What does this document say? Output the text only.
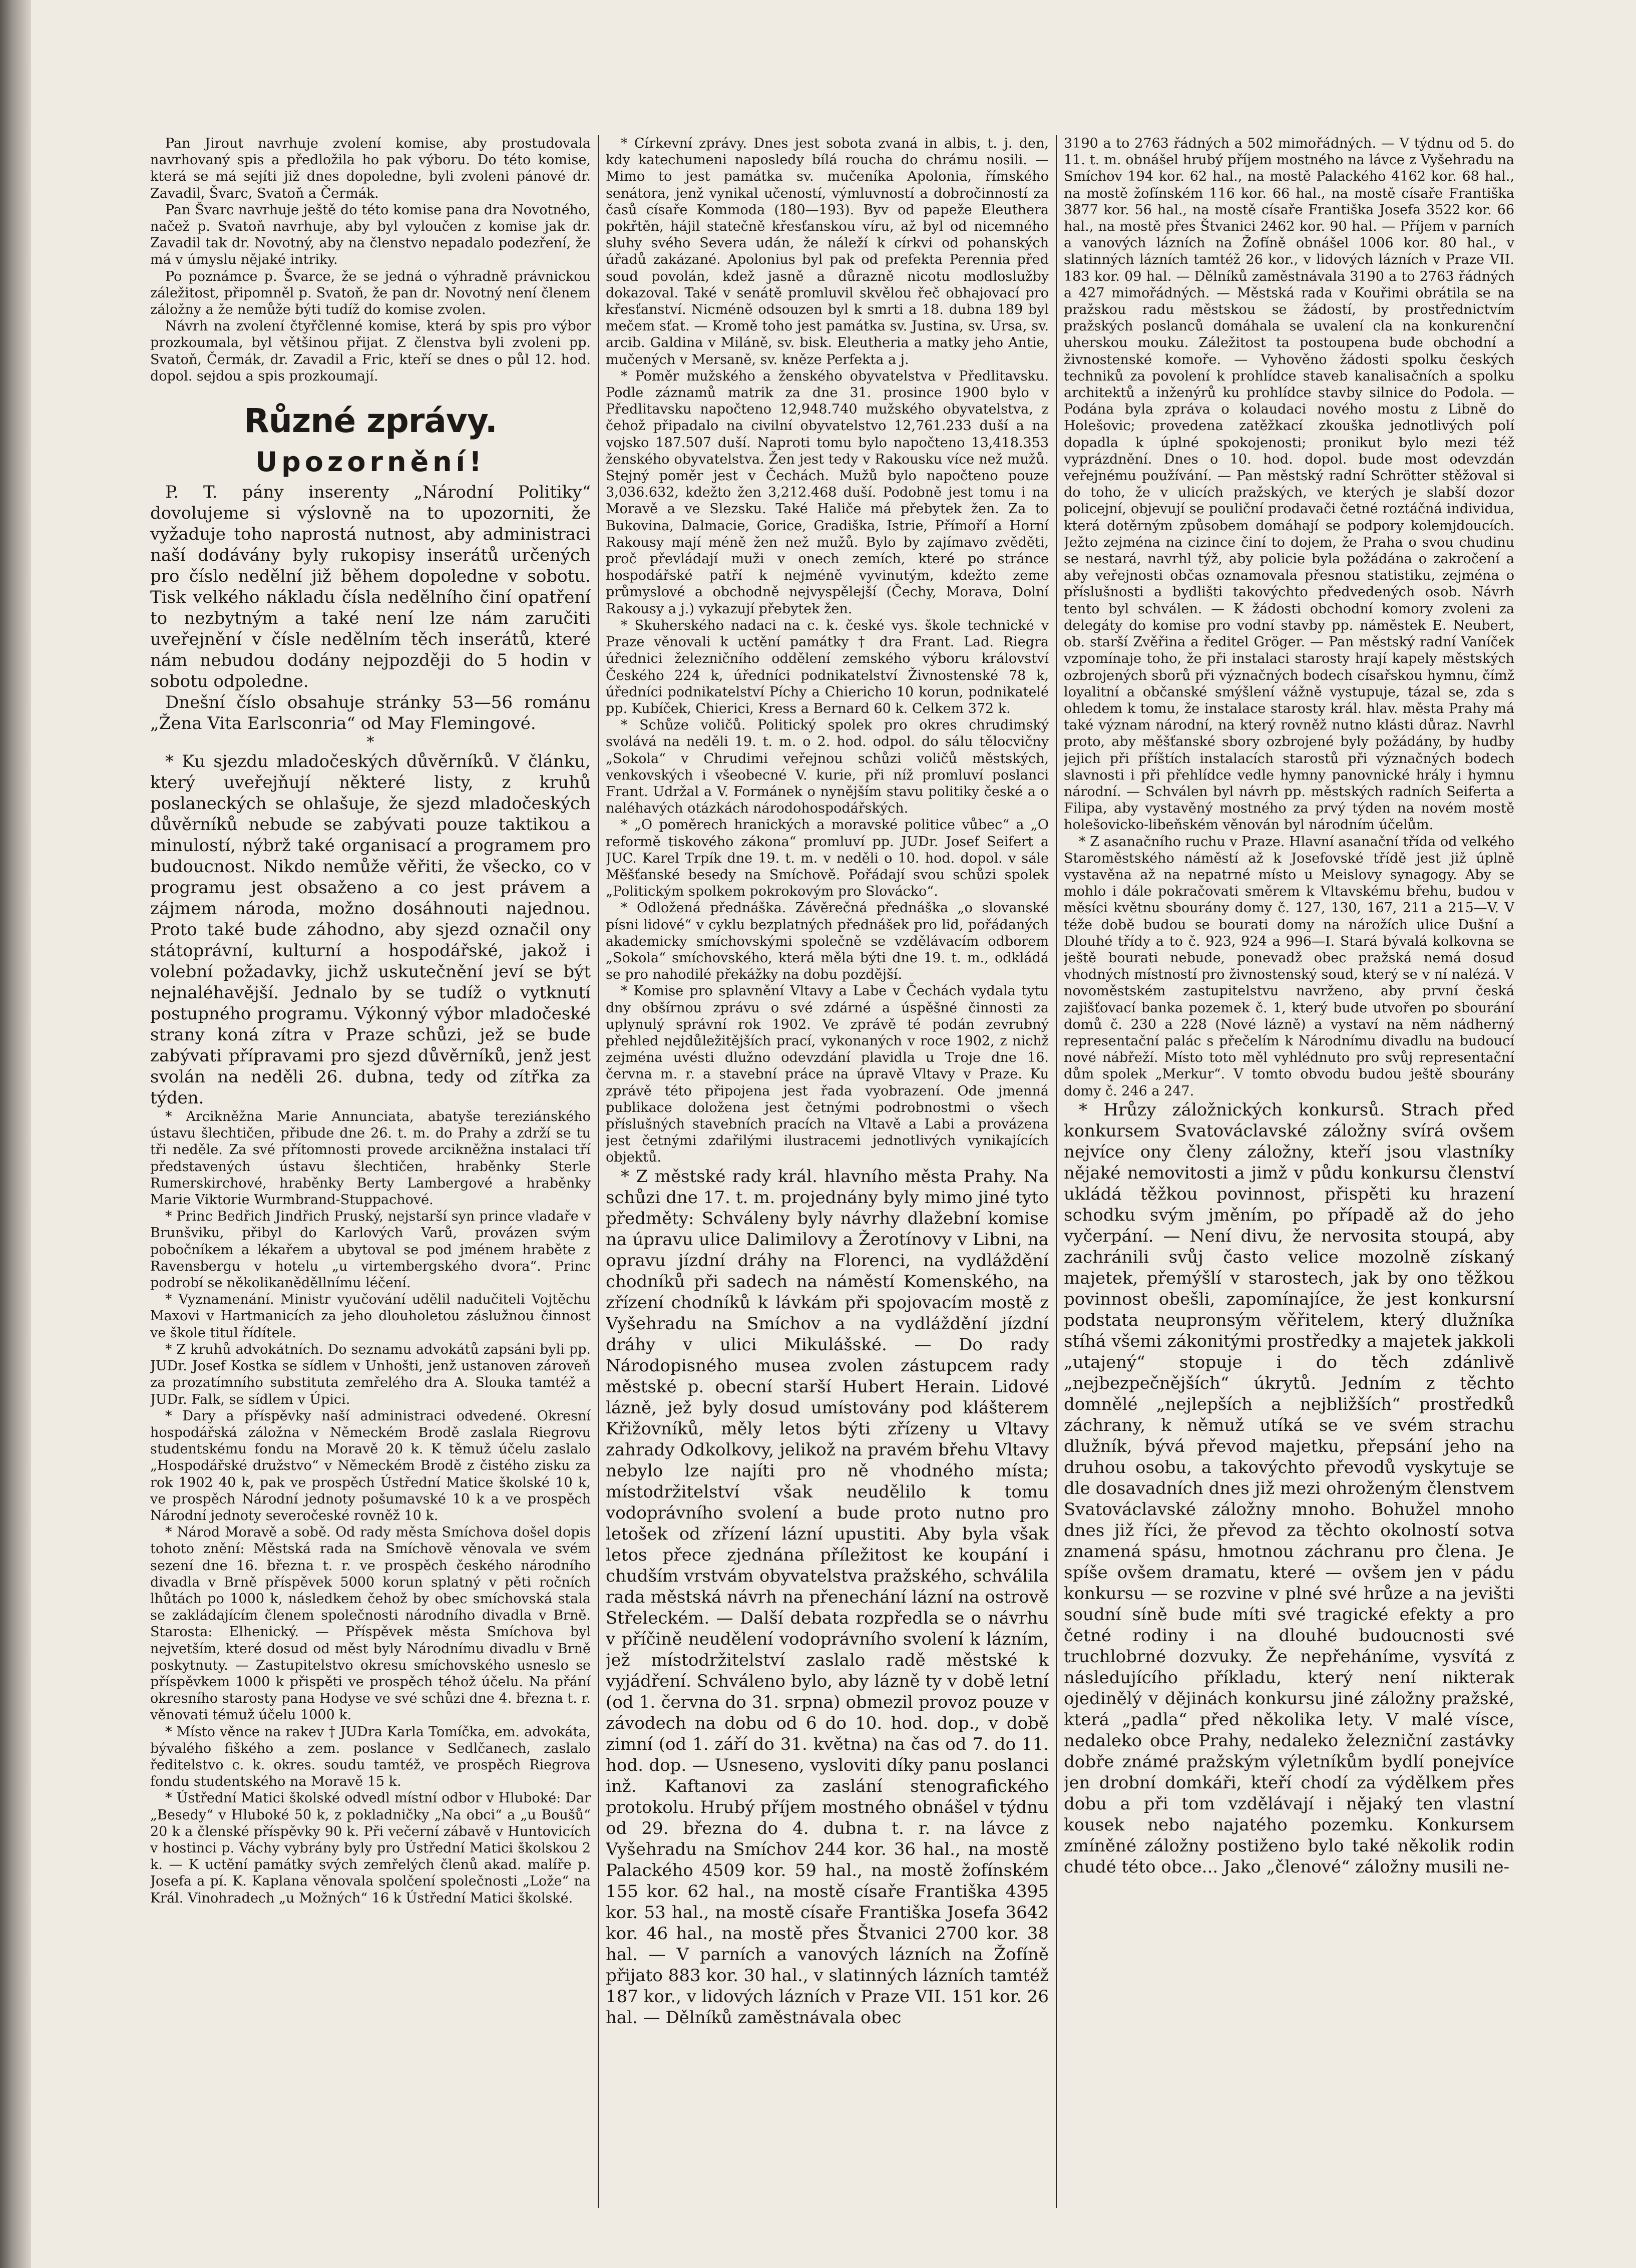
Pan Jirout navrhuje zvolení komise, aby prostudovala navrhovaný spis a předložila ho pak výboru. Do této komise, která se má sejíti již dnes dopoledne, byli zvoleni pánové dr. Zavadil, Švarc, Svatoň a Čermák.

Pan Švarc navrhuje ještě do této komise pana dra Novotného, načež p. Svatoň navrhuje, aby byl vyloučen z komise jak dr. Zavadil tak dr. Novotný, aby na členstvo nepadalo podezření, že má v úmyslu nějaké intriky.

Po poznámce p. Švarce, že se jedná o výhradně právnickou záležitost, připomněl p. Svatoň, že pan dr. Novotný není členem záložny a že nemůže býti tudíž do komise zvolen.

Návrh na zvolení čtyřčlenné komise, která by spis pro výbor prozkoumala, byl většinou přijat. Z členstva byli zvoleni pp. Svatoň, Čermák, dr. Zavadil a Fric, kteří se dnes o půl 12. hod. dopol. sejdou a spis prozkoumají.

Různé zprávy.
Upozornění!

P. T. pány inserenty „Národní Politiky“ dovolujeme si výslovně na to upozorniti, že vyžaduje toho naprostá nutnost, aby administraci naší dodávány byly rukopisy inserátů určených pro číslo nedělní již během dopoledne v sobotu. Tisk velkého nákladu čísla nedělního činí opatření to nezbytným a také není lze nám zaručiti uveřejnění v čísle nedělním těch inserátů, které nám nebudou dodány nejpozději do 5 hodin v sobotu odpoledne.

Dnešní číslo obsahuje stránky 53—56 románu „Žena Vita Earlsconria“ od May Flemingové.

*

* Ku sjezdu mladočeských důvěrníků. V článku, který uveřejňují některé listy, z kruhů poslaneckých se ohlašuje, že sjezd mladočeských důvěrníků nebude se zabývati pouze taktikou a minulostí, nýbrž také organisací a programem pro budoucnost. Nikdo nemůže věřiti, že všecko, co v programu jest obsaženo a co jest právem a zájmem národa, možno dosáhnouti najednou. Proto také bude záhodno, aby sjezd označil ony státoprávní, kulturní a hospodářské, jakož i volební požadavky, jichž uskutečnění jeví se být nejnaléhavější. Jednalo by se tudíž o vytknutí postupného programu. Výkonný výbor mladočeské strany koná zítra v Praze schůzi, jež se bude zabývati přípravami pro sjezd důvěrníků, jenž jest svolán na neděli 26. dubna, tedy od zítřka za týden.

* Arcikněžna Marie Annunciata, abatyše tereziánského ústavu šlechtičen, přibude dne 26. t. m. do Prahy a zdrží se tu tři neděle. Za své přítomnosti provede arcikněžna instalaci tří představených ústavu šlechtičen, hraběnky Sterle Rumerskirchové, hraběnky Berty Lambergové a hraběnky Marie Viktorie Wurmbrand-Stuppachové.

* Princ Bedřich Jindřich Pruský, nejstarší syn prince vladaře v Brunšviku, přibyl do Karlových Varů, provázen svým pobočníkem a lékařem a ubytoval se pod jménem hraběte z Ravensbergu v hotelu „u virtembergského dvora“. Princ podrobí se několikaněděllnímu léčení.

* Vyznamenání. Ministr vyučování udělil nadučiteli Vojtěchu Maxovi v Hartmanicích za jeho dlouholetou záslužnou činnost ve škole titul řídítele.

* Z kruhů advokátních. Do seznamu advokátů zapsáni byli pp. JUDr. Josef Kostka se sídlem v Unhošti, jenž ustanoven zároveň za prozatímního substituta zemřelého dra A. Slouka tamtéž a JUDr. Falk, se sídlem v Úpici.

* Dary a příspěvky naší administraci odvedené. Okresní hospodářská záložna v Německém Brodě zaslala Riegrovu studentskému fondu na Moravě 20 k. K těmuž účelu zaslalo „Hospodářské družstvo“ v Německém Brodě z čistého zisku za rok 1902 40 k, pak ve prospěch Ústřední Matice školské 10 k, ve prospěch Národní jednoty pošumavské 10 k a ve prospěch Národní jednoty severočeské rovněž 10 k.

* Národ Moravě a sobě. Od rady města Smíchova došel dopis tohoto znění: Městská rada na Smíchově věnovala ve svém sezení dne 16. března t. r. ve prospěch českého národního divadla v Brně příspěvek 5000 korun splatný v pěti ročních lhůtách po 1000 k, následkem čehož by obec smíchovská stala se zakládajícím členem společnosti národního divadla v Brně. Starosta: Elhenický. — Příspěvek města Smíchova byl nejvetším, které dosud od měst byly Národnímu divadlu v Brně poskytnuty. — Zastupitelstvo okresu smíchovského usneslo se příspěvkem 1000 k přispěti ve prospěch téhož účelu. Na přání okresního starosty pana Hodyse ve své schůzi dne 4. března t. r. věnovati témuž účelu 1000 k.

* Místo věnce na rakev † JUDra Karla Tomíčka, em. advokáta, bývalého fiškého a zem. poslance v Sedlčanech, zaslalo ředitelstvo c. k. okres. soudu tamtéž, ve prospěch Riegrova fondu studentského na Moravě 15 k.

* Ústřední Matici školské odvedl místní odbor v Hluboké: Dar „Besedy“ v Hluboké 50 k, z pokladničky „Na obci“ a „u Boušů“ 20 k a členské příspěvky 90 k. Při večerní zábavě v Huntovicích v hostinci p. Váchy vybrány byly pro Ústřední Matici školskou 2 k. — K uctění památky svých zemřelých členů akad. malíře p. Josefa a pí. K. Kaplana věnovala spolčení společnosti „Lože“ na Král. Vinohradech „u Možných“ 16 k Ústřední Matici školské.

* Církevní zprávy. Dnes jest sobota zvaná in albis, t. j. den, kdy katechumeni naposledy bílá roucha do chrámu nosili. — Mimo to jest památka sv. mučeníka Apolonia, římského senátora, jenž vynikal učeností, výmluvností a dobročinností za časů císaře Kommoda (180—193). Byv od papeže Eleuthera pokřtěn, hájil statečně křesťanskou víru, až byl od nicemného sluhy svého Severa udán, že náleží k církvi od pohanských úřadů zakázané. Apolonius byl pak od prefekta Perennia před soud povolán, kdež jasně a důrazně nicotu modloslužby dokazoval. Také v senátě promluvil skvělou řeč obhajovací pro křesťanství. Nicméně odsouzen byl k smrti a 18. dubna 189 byl mečem sťat. — Kromě toho jest památka sv. Justina, sv. Ursa, sv. arcib. Galdina v Miláně, sv. bisk. Eleutheria a matky jeho Antie, mučených v Mersaně, sv. kněze Perfekta a j.

* Poměr mužského a ženského obyvatelstva v Předlitavsku. Podle záznamů matrik za dne 31. prosince 1900 bylo v Předlitavsku napočteno 12,948.740 mužského obyvatelstva, z čehož připadalo na civilní obyvatelstvo 12,761.233 duší a na vojsko 187.507 duší. Naproti tomu bylo napočteno 13,418.353 ženského obyvatelstva. Žen jest tedy v Rakousku více než mužů. Stejný poměr jest v Čechách. Mužů bylo napočteno pouze 3,036.632, kdežto žen 3,212.468 duší. Podobně jest tomu i na Moravě a ve Slezsku. Také Haliče má přebytek žen. Za to Bukovina, Dalmacie, Gorice, Gradiška, Istrie, Přímoří a Horní Rakousy mají méně žen než mužů. Bylo by zajímavo zvěděti, proč převládají muži v onech zemích, které po stránce hospodářské patří k nejméně vyvinutým, kdežto zeme průmyslové a obchodně nejvyspělejší (Čechy, Morava, Dolní Rakousy a j.) vykazují přebytek žen.

* Skuherského nadaci na c. k. české vys. škole technické v Praze věnovali k uctění památky † dra Frant. Lad. Riegra úřednici železničního oddělení zemského výboru království Českého 224 k, úředníci podnikatelství Živnostenské 78 k, úředníci podnikatelství Píchy a Chiericho 10 korun, podnikatelé pp. Kubíček, Chierici, Kress a Bernard 60 k. Celkem 372 k.

* Schůze voličů. Politický spolek pro okres chrudimský svolává na neděli 19. t. m. o 2. hod. odpol. do sálu tělocvičny „Sokola“ v Chrudimi veřejnou schůzi voličů městských, venkovských i všeobecné V. kurie, při níž promluví poslanci Frant. Udržal a V. Formánek o nynějším stavu politiky české a o naléhavých otázkách národohospodářských.

* „O poměrech hranických a moravské politice vůbec“ a „O reformě tiskového zákona“ promluví pp. JUDr. Josef Seifert a JUC. Karel Trpík dne 19. t. m. v neděli o 10. hod. dopol. v sále Měšťanské besedy na Smíchově. Pořádají svou schůzi spolek „Politickým spolkem pokrokovým pro Slovácko“.

* Odložená přednáška. Závěrečná přednáška „o slovanské písni lidové“ v cyklu bezplatných přednášek pro lid, pořádaných akademicky smíchovskými společně se vzdělávacím odborem „Sokola“ smíchovského, která měla býti dne 19. t. m., odkládá se pro nahodilé překážky na dobu pozdější.

* Komise pro splavnění Vltavy a Labe v Čechách vydala tytu dny obšírnou zprávu o své zdárné a úspěšné činnosti za uplynulý správní rok 1902. Ve zprávě té podán zevrubný přehled nejdůležitějších prací, vykonaných v roce 1902, z nichž zejména uvésti dlužno odevzdání plavidla u Troje dne 16. června m. r. a stavební práce na úpravě Vltavy v Praze. Ku zprávě této připojena jest řada vyobrazení. Ode jmenná publikace doložena jest četnými podrobnostmi o všech příslušných stavebních pracích na Vltavě a Labi a provázena jest četnými zdařilými ilustracemi jednotlivých vynikajících objektů.

* Z městské rady král. hlavního města Prahy. Na schůzi dne 17. t. m. projednány byly mimo jiné tyto předměty: Schváleny byly návrhy dlažební komise na úpravu ulice Dalimilovy a Žerotínovy v Libni, na opravu jízdní dráhy na Florenci, na vydláždění chodníků při sadech na náměstí Komenského, na zřízení chodníků k lávkám při spojovacím mostě z Vyšehradu na Smíchov a na vydláždění jízdní dráhy v ulici Mikulášské. — Do rady Národopisného musea zvolen zástupcem rady městské p. obecní starší Hubert Herain. Lidové lázně, jež byly dosud umístovány pod klášterem Křižovníků, měly letos býti zřízeny u Vltavy zahrady Odkolkovy, jelikož na pravém břehu Vltavy nebylo lze najíti pro ně vhodného místa; místodržitelství však neudělilo k tomu vodoprávního svolení a bude proto nutno pro letošek od zřízení lázní upustiti. Aby byla však letos přece zjednána příležitost ke koupání i chudším vrstvám obyvatelstva pražského, schválila rada městská návrh na přenechání lázní na ostrově Střeleckém. — Další debata rozpředla se o návrhu v příčině neudělení vodoprávního svolení k lázním, jež místodržitelství zaslalo radě městské k vyjádření. Schváleno bylo, aby lázně ty v době letní (od 1. června do 31. srpna) obmezil provoz pouze v závodech na dobu od 6 do 10. hod. dop., v době zimní (od 1. září do 31. května) na čas od 7. do 11. hod. dop. — Usneseno, vysloviti díky panu poslanci inž. Kaftanovi za zaslání stenografického protokolu. Hrubý příjem mostného obnášel v týdnu od 29. března do 4. dubna t. r. na lávce z Vyšehradu na Smíchov 244 kor. 36 hal., na mostě Palackého 4509 kor. 59 hal., na mostě žofínském 155 kor. 62 hal., na mostě císaře Františka 4395 kor. 53 hal., na mostě císaře Františka Josefa 3642 kor. 46 hal., na mostě přes Štvanici 2700 kor. 38 hal. — V parních a vanových lázních na Žofíně přijato 883 kor. 30 hal., v slatinných lázních tamtéž 187 kor., v lidových lázních v Praze VII. 151 kor. 26 hal. — Dělníků zaměstnávala obec

3190 a to 2763 řádných a 502 mimořádných. — V týdnu od 5. do 11. t. m. obnášel hrubý příjem mostného na lávce z Vyšehradu na Smíchov 194 kor. 62 hal., na mostě Palackého 4162 kor. 68 hal., na mostě žofínském 116 kor. 66 hal., na mostě císaře Františka 3877 kor. 56 hal., na mostě císaře Františka Josefa 3522 kor. 66 hal., na mostě přes Štvanici 2462 kor. 90 hal. — Příjem v parních a vanových lázních na Žofíně obnášel 1006 kor. 80 hal., v slatinných lázních tamtéž 26 kor., v lidových lázních v Praze VII. 183 kor. 09 hal. — Dělníků zaměstnávala 3190 a to 2763 řádných a 427 mimořádných. — Městská rada v Kouřimi obrátila se na pražskou radu městskou se žádostí, by prostřednictvím pražských poslanců domáhala se uvalení cla na konkurenční uherskou mouku. Záležitost ta postoupena bude obchodní a živnostenské komoře. — Vyhověno žádosti spolku českých techniků za povolení k prohlídce staveb kanalisačních a spolku architektů a inženýrů ku prohlídce stavby silnice do Podola. — Podána byla zpráva o kolaudaci nového mostu z Libně do Holešovic; provedena zatěžkací zkouška jednotlivých polí dopadla k úplné spokojenosti; pronikut bylo mezi též vyprázdnění. Dnes o 10. hod. dopol. bude most odevzdán veřejnému používání. — Pan městský radní Schrötter stěžoval si do toho, že v ulicích pražských, ve kterých je slabší dozor policejní, objevují se pouliční prodavači četné roztáčná individua, která dotěrným způsobem domáhají se podpory kolemjdoucích. Ježto zejména na cizince činí to dojem, že Praha o svou chudinu se nestará, navrhl týž, aby policie byla požádána o zakročení a aby veřejnosti občas oznamovala přesnou statistiku, zejména o příslušnosti a bydlišti takovýchto předvedených osob. Návrh tento byl schválen. — K žádosti obchodní komory zvoleni za delegáty do komise pro vodní stavby pp. náměstek E. Neubert, ob. starší Zvěřina a ředitel Gröger. — Pan městský radní Vaníček vzpomínaje toho, že při instalaci starosty hrají kapely městských ozbrojených sborů při význačných bodech císařskou hymnu, čímž loyalitní a občanské smýšlení vážně vystupuje, tázal se, zda s ohledem k tomu, že instalace starosty král. hlav. města Prahy má také význam národní, na který rovněž nutno klásti důraz. Navrhl proto, aby měšťanské sbory ozbrojené byly požádány, by hudby jejich při příštích instalacích starostů při význačných bodech slavnosti i při přehlídce vedle hymny panovnické hrály i hymnu národní. — Schválen byl návrh pp. městských radních Seiferta a Filipa, aby vystavěný mostného za prvý týden na novém mostě holešovicko-libeňském věnován byl národním účelům.

* Z asanačního ruchu v Praze. Hlavní asanační třída od velkého Staroměstského náměstí až k Josefovské třídě jest již úplně vystavěna až na nepatrné místo u Meislovy synagogy. Aby se mohlo i dále pokračovati směrem k Vltavskému břehu, budou v měsíci květnu sbourány domy č. 127, 130, 167, 211 a 215—V. V téže době budou se bourati domy na nárožích ulice Dušní a Dlouhé třídy a to č. 923, 924 a 996—I. Stará bývalá kolkovna se ještě bourati nebude, ponevadž obec pražská nemá dosud vhodných místností pro živnostenský soud, který se v ní nalézá. V novoměstském zastupitelstvu navrženo, aby první česká zajišťovací banka pozemek č. 1, který bude utvořen po sbourání domů č. 230 a 228 (Nové lázně) a vystaví na něm nádherný representační palác s přečelím k Národnímu divadlu na budoucí nové nábřeží. Místo toto měl vyhlédnuto pro svůj representační dům spolek „Merkur“. V tomto obvodu budou ještě sbourány domy č. 246 a 247.

* Hrůzy záložnických konkursů. Strach před konkursem Svatováclavské záložny svírá ovšem nejvíce ony členy záložny, kteří jsou vlastníky nějaké nemovitosti a jimž v půdu konkursu členství ukládá těžkou povinnost, přispěti ku hrazení schodku svým jměním, po případě až do jeho vyčerpání. — Není divu, že nervosita stoupá, aby zachránili svůj často velice mozolně získaný majetek, přemýšlí v starostech, jak by ono těžkou povinnost obešli, zapomínajíce, že jest konkursní podstata neupronsým věřitelem, který dlužníka stíhá všemi zákonitými prostředky a majetek jakkoli „utajený“ stopuje i do těch zdánlivě „nejbezpečnějších“ úkrytů. Jedním z těchto domnělé „nejlepších a nejbližších“ prostředků záchrany, k němuž utíká se ve svém strachu dlužník, bývá převod majetku, přepsání jeho na druhou osobu, a takovýchto převodů vyskytuje se dle dosavadních dnes již mezi ohroženým členstvem Svatováclavské záložny mnoho. Bohužel mnoho dnes již říci, že převod za těchto okolností sotva znamená spásu, hmotnou záchranu pro člena. Je spíše ovšem dramatu, které — ovšem jen v pádu konkursu — se rozvine v plné své hrůze a na jevišti soudní síně bude míti své tragické efekty a pro četné rodiny i na dlouhé budoucnosti své truchlobrné dozvuky. Že nepřeháníme, vysvítá z následujícího příkladu, který není nikterak ojedinělý v dějinách konkursu jiné záložny pražské, která „padla“ před několika lety. V malé vísce, nedaleko obce Prahy, nedaleko železniční zastávky dobře známé pražským výletníkům bydlí ponejvíce jen drobní domkáři, kteří chodí za výdělkem přes dobu a při tom vzdělávají i nějaký ten vlastní kousek nebo najatého pozemku. Konkursem zmíněné záložny postiženo bylo také několik rodin chudé této obce... Jako „členové“ záložny musili ne-
